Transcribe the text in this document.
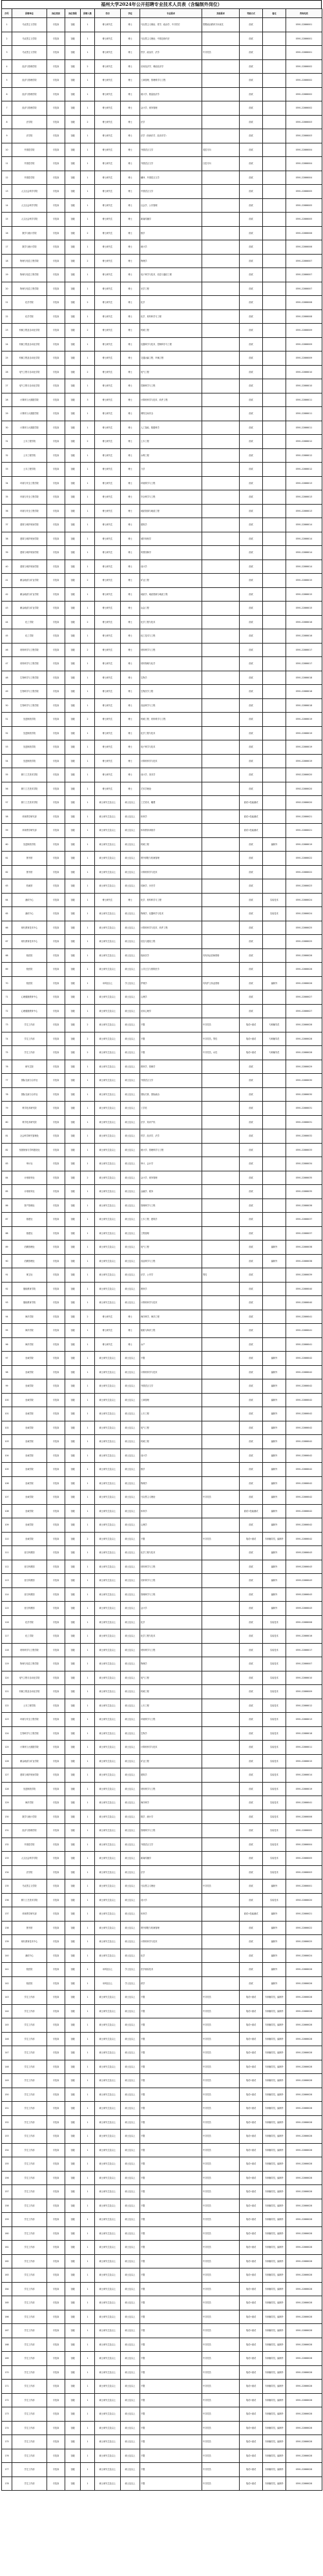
福州大学2024年公开招聘专业技术人员表（含编制外岗位）
序号	招聘单位	岗位类别	岗位等级	招聘人数	学历	学位	专业要求	其他要求	考核方式	备注	咨询电话
1	马克思主义学院	专技岗	初级	1	博士研究生	博士	马克思主义理论、哲学、政治学、中共党史	思想政治教育方向优先	面试		0591-22866001
2	马克思主义学院	专技岗	初级	1	博士研究生	博士	马克思主义理论、中国近现代史		面试		0591-22866001
3	马克思主义学院	专技岗	初级	1	博士研究生	博士	哲学、政治学、法学	中共党员	面试		0591-22866001
4	经济与管理学院	专技岗	初级	2	博士研究生	博士	应用经济学、理论经济学		面试		0591-22866002
5	经济与管理学院	专技岗	初级	1	博士研究生	博士	工商管理、管理科学与工程		面试		0591-22866002
6	经济与管理学院	专技岗	初级	1	博士研究生	博士	统计学、数量经济学		面试		0591-22866002
7	经济与管理学院	专技岗	初级	1	博士研究生	博士	会计学、财务管理		面试		0591-22866002
8	法学院	专技岗	初级	2	博士研究生	博士	法学		面试		0591-22866003
9	法学院	专技岗	初级	1	博士研究生	博士	法学（民商法学、经济法学）		面试		0591-22866003
10	外国语学院	专技岗	初级	1	博士研究生	博士	外国语言文学	英语方向	面试		0591-22866004
11	外国语学院	专技岗	初级	1	博士研究生	博士	外国语言文学	日语方向	面试		0591-22866004
12	外国语学院	专技岗	初级	1	博士研究生	博士	翻译、外国语言文学		面试		0591-22866004
13	人文社会科学学院	专技岗	初级	1	博士研究生	博士	中国语言文学		面试		0591-22866005
14	人文社会科学学院	专技岗	初级	1	博士研究生	博士	社会学、公共管理		面试		0591-22866005
15	人文社会科学学院	专技岗	初级	1	博士研究生	博士	新闻传播学		面试		0591-22866005
16	数学与统计学院	专技岗	初级	2	博士研究生	博士	数学		面试		0591-22866006
17	数学与统计学院	专技岗	初级	1	博士研究生	博士	统计学		面试		0591-22866006
18	物理与信息工程学院	专技岗	初级	2	博士研究生	博士	物理学		面试		0591-22866007
19	物理与信息工程学院	专技岗	初级	1	博士研究生	博士	电子科学与技术、信息与通信工程		面试		0591-22866007
20	物理与信息工程学院	专技岗	初级	1	博士研究生	博士	光学工程		面试		0591-22866007
21	化学学院	专技岗	初级	2	博士研究生	博士	化学		面试		0591-22866008
22	化学学院	专技岗	初级	1	博士研究生	博士	化学、材料科学与工程		面试		0591-22866008
23	机械工程及自动化学院	专技岗	初级	2	博士研究生	博士	机械工程		面试		0591-22866009
24	机械工程及自动化学院	专技岗	初级	1	博士研究生	博士	仪器科学与技术、控制科学与工程		面试		0591-22866009
25	机械工程及自动化学院	专技岗	初级	1	博士研究生	博士	交通运输工程、车辆工程		面试		0591-22866009
26	电气工程与自动化学院	专技岗	初级	2	博士研究生	博士	电气工程		面试		0591-22866010
27	电气工程与自动化学院	专技岗	初级	1	博士研究生	博士	控制科学与工程		面试		0591-22866010
28	计算机与大数据学院	专技岗	初级	3	博士研究生	博士	计算机科学与技术、软件工程		面试		0591-22866011
29	计算机与大数据学院	专技岗	初级	1	博士研究生	博士	网络空间安全		面试		0591-22866011
30	计算机与大数据学院	专技岗	初级	1	博士研究生	博士	人工智能、数据科学		面试		0591-22866011
31	土木工程学院	专技岗	初级	2	博士研究生	博士	土木工程		面试		0591-22866012
32	土木工程学院	专技岗	初级	1	博士研究生	博士	水利工程		面试		0591-22866012
33	土木工程学院	专技岗	初级	1	博士研究生	博士	力学		面试		0591-22866012
34	环境与安全工程学院	专技岗	初级	1	博士研究生	博士	环境科学与工程		面试		0591-22866013
35	环境与安全工程学院	专技岗	初级	1	博士研究生	博士	安全科学与工程		面试		0591-22866013
36	环境与安全工程学院	专技岗	初级	1	博士研究生	博士	地质资源与地质工程		面试		0591-22866013
37	建筑与城乡规划学院	专技岗	初级	1	博士研究生	博士	建筑学		面试		0591-22866014
38	建筑与城乡规划学院	专技岗	初级	1	博士研究生	博士	城乡规划学		面试		0591-22866014
39	建筑与城乡规划学院	专技岗	初级	1	博士研究生	博士	风景园林学		面试		0591-22866014
40	建筑与城乡规划学院	专技岗	初级	1	博士研究生	博士	设计学		面试		0591-22866014
41	紫金地质与矿业学院	专技岗	初级	2	博士研究生	博士	矿业工程		面试		0591-22866015
42	紫金地质与矿业学院	专技岗	初级	1	博士研究生	博士	地质学、地质资源与地质工程		面试		0591-22866015
43	紫金地质与矿业学院	专技岗	初级	1	博士研究生	博士	冶金工程		面试		0591-22866015
44	化工学院	专技岗	初级	2	博士研究生	博士	化学工程与技术		面试		0591-22866016
45	化工学院	专技岗	初级	1	博士研究生	博士	轻工技术与工程		面试		0591-22866016
46	材料科学与工程学院	专技岗	初级	2	博士研究生	博士	材料科学与工程		面试		0591-22866017
47	材料科学与工程学院	专技岗	初级	1	博士研究生	博士	材料物理与化学		面试		0591-22866017
48	生物科学与工程学院	专技岗	初级	1	博士研究生	博士	生物学		面试		0591-22866018
49	生物科学与工程学院	专技岗	初级	1	博士研究生	博士	生物医学工程		面试		0591-22866018
50	生物科学与工程学院	专技岗	初级	1	博士研究生	博士	食品科学与工程		面试		0591-22866018
51	先进制造学院	专技岗	初级	2	博士研究生	博士	机械工程、材料科学与工程		面试		0591-22866019
52	先进制造学院	专技岗	初级	1	博士研究生	博士	化学工程与技术		面试		0591-22866019
53	先进制造学院	专技岗	初级	1	博士研究生	博士	电子科学与技术		面试		0591-22866019
54	先进制造学院	专技岗	初级	1	博士研究生	博士	计算机科学与技术		面试		0591-22866019
55	厦门工艺美术学院	专技岗	初级	1	博士研究生	博士	设计学、美术学		面试		0592-22866020
56	厦门工艺美术学院	专技岗	初级	1	博士研究生	博士	艺术学理论		面试		0592-22866020
57	厦门工艺美术学院	专技岗	初级	1	硕士研究生及以上	硕士及以上	工艺美术、雕塑		面试+技能测试		0592-22866020
58	体育教学研究部	专技岗	初级	1	硕士研究生及以上	硕士及以上	体育学		面试+技能测试		0591-22866021
59	体育教学研究部	专技岗	初级	1	硕士研究生及以上	硕士及以上	体育教育训练学		面试+技能测试		0591-22866021
60	先进制造学院	专技岗	初级	1	硕士研究生及以上	硕士及以上	机械工程		面试	编制外	0591-22866019
61	图书馆	专技岗	初级	1	硕士研究生及以上	硕士及以上	图书情报与档案管理		面试		0591-22866022
62	图书馆	专技岗	初级	1	硕士研究生及以上	硕士及以上	计算机科学与技术		面试		0591-22866022
63	档案馆	专技岗	初级	1	硕士研究生及以上	硕士及以上	档案学、历史学		面试		0591-22866023
64	测试中心	专技岗	初级	1	博士研究生	博士	化学、材料科学与工程		面试	实验技术	0591-22866024
65	测试中心	专技岗	初级	1	硕士研究生及以上	硕士及以上	物理学、仪器科学与技术		面试	实验技术	0591-22866024
66	现代教育技术中心	专技岗	初级	1	硕士研究生及以上	硕士及以上	计算机科学与技术、软件工程		面试		0591-22866025
67	现代教育技术中心	专技岗	初级	1	硕士研究生及以上	硕士及以上	信息与通信工程		面试		0591-22866025
68	校医院	专技岗	初级	1	硕士研究生及以上	硕士及以上	临床医学	具有执业医师资格	面试		0591-22866026
69	校医院	专技岗	初级	1	硕士研究生及以上	硕士及以上	公共卫生与预防医学		面试		0591-22866026
70	校医院	专技岗	初级	1	本科及以上	学士及以上	护理学	具有护士执业资格	面试	编制外	0591-22866026
71	心理健康教育中心	专技岗	初级	1	硕士研究生及以上	硕士及以上	心理学		面试		0591-22866027
72	心理健康教育中心	专技岗	初级	1	硕士研究生及以上	硕士及以上	应用心理学		面试		0591-22866027
73	学生工作部	专技岗	初级	2	硕士研究生及以上	硕士及以上	不限	中共党员	笔试+面试	专职辅导员	0591-22866028
74	学生工作部	专技岗	初级	2	硕士研究生及以上	硕士及以上	不限	中共党员，男性	笔试+面试	专职辅导员	0591-22866028
75	学生工作部	专技岗	初级	2	硕士研究生及以上	硕士及以上	不限	中共党员，女性	笔试+面试	专职辅导员	0591-22866028
76	研究生院	专技岗	初级	1	硕士研究生及以上	硕士及以上	教育学、管理学		面试		0591-22866029
77	国际交流与合作处	专技岗	初级	1	硕士研究生及以上	硕士及以上	外国语言文学		面试		0591-22866030
78	国际交流与合作处	专技岗	初级	1	硕士研究生及以上	硕士及以上	国际关系、国际政治		面试		0591-22866030
79	科学技术研究院	专技岗	初级	1	硕士研究生及以上	硕士及以上	工学类		面试		0591-22866031
80	科学技术研究院	专技岗	初级	1	硕士研究生及以上	硕士及以上	法学、知识产权		面试		0591-22866031
81	社会科学研究管理处	专技岗	初级	1	硕士研究生及以上	硕士及以上	哲学、经济学、法学		面试		0591-22866032
82	发展规划与学科建设处	专技岗	初级	1	硕士研究生及以上	硕士及以上	统计学、管理科学与工程		面试		0591-22866033
83	审计处	专技岗	初级	1	硕士研究生及以上	硕士及以上	审计、会计学		面试		0591-22866034
84	计划财务处	专技岗	初级	2	硕士研究生及以上	硕士及以上	会计学、财务管理		面试		0591-22866035
85	计划财务处	专技岗	初级	1	硕士研究生及以上	硕士及以上	金融学、税务		面试		0591-22866035
86	资产管理处	专技岗	初级	1	硕士研究生及以上	硕士及以上	管理科学与工程		面试		0591-22866036
87	基建处	专技岗	初级	1	硕士研究生及以上	硕士及以上	土木工程、建筑学		面试		0591-22866037
88	基建处	专技岗	初级	1	硕士研究生及以上	硕士及以上	工程管理		面试		0591-22866037
89	后勤管理处	专技岗	初级	1	硕士研究生及以上	硕士及以上	电气工程		面试	编制外	0591-22866038
90	后勤管理处	专技岗	初级	1	硕士研究生及以上	硕士及以上	食品科学与工程		面试	编制外	0591-22866038
91	保卫处	专技岗	初级	1	硕士研究生及以上	硕士及以上	法学、公安学	男性	面试		0591-22866039
92	继续教育学院	专技岗	初级	1	硕士研究生及以上	硕士及以上	教育学		面试		0591-22866040
93	继续教育学院	专技岗	初级	1	硕士研究生及以上	硕士及以上	计算机科学与技术		面试		0591-22866040
94	海洋学院	专技岗	初级	2	博士研究生	博士	海洋科学、海洋工程		面试		0591-22866041
95	海洋学院	专技岗	初级	1	博士研究生	博士	船舶与海洋工程		面试		0591-22866041
96	海洋学院	专技岗	初级	1	博士研究生	博士	水产		面试		0591-22866041
97	至诚学院	专技岗	初级	1	硕士研究生及以上	硕士及以上	不限		面试	编制外	0591-22866042
98	至诚学院	专技岗	初级	1	硕士研究生及以上	硕士及以上	计算机科学与技术		面试	编制外	0591-22866042
99	至诚学院	专技岗	初级	1	硕士研究生及以上	硕士及以上	外国语言文学		面试	编制外	0591-22866042
100	至诚学院	专技岗	初级	1	硕士研究生及以上	硕士及以上	工商管理		面试	编制外	0591-22866042
101	至诚学院	专技岗	初级	1	硕士研究生及以上	硕士及以上	土木工程		面试	编制外	0591-22866042
102	至诚学院	专技岗	初级	1	硕士研究生及以上	硕士及以上	电气工程		面试	编制外	0591-22866042
103	至诚学院	专技岗	初级	1	硕士研究生及以上	硕士及以上	机械工程		面试	编制外	0591-22866042
104	至诚学院	专技岗	初级	1	硕士研究生及以上	硕士及以上	设计学		面试	编制外	0591-22866042
105	至诚学院	专技岗	初级	1	硕士研究生及以上	硕士及以上	数学		面试	编制外	0591-22866042
106	至诚学院	专技岗	初级	1	硕士研究生及以上	硕士及以上	物理学		面试	编制外	0591-22866042
107	至诚学院	专技岗	初级	1	硕士研究生及以上	硕士及以上	马克思主义理论	中共党员	面试	编制外	0591-22866042
108	至诚学院	专技岗	初级	1	硕士研究生及以上	硕士及以上	体育学		面试+技能测试	编制外	0591-22866042
109	至诚学院	专技岗	初级	1	硕士研究生及以上	硕士及以上	心理学		面试	编制外	0591-22866042
110	至诚学院	专技岗	初级	2	硕士研究生及以上	硕士及以上	不限	中共党员	笔试+面试	专职辅导员，编制外	0591-22866042
111	晋江科教园	专技岗	初级	1	硕士研究生及以上	硕士及以上	化学工程与技术		面试	编制外	0595-22866043
112	晋江科教园	专技岗	初级	1	硕士研究生及以上	硕士及以上	材料科学与工程		面试	编制外	0595-22866043
113	晋江科教园	专技岗	初级	1	硕士研究生及以上	硕士及以上	纺织科学与工程		面试	编制外	0595-22866043
114	晋江科教园	专技岗	初级	1	硕士研究生及以上	硕士及以上	管理科学与工程		面试	编制外	0595-22866043
115	晋江科教园	专技岗	初级	1	硕士研究生及以上	硕士及以上	会计学		面试	编制外	0595-22866043
116	化学学院	专技岗	初级	1	硕士研究生及以上	硕士及以上	化学		面试	实验技术	0591-22866008
117	化工学院	专技岗	初级	1	硕士研究生及以上	硕士及以上	化学工程与技术		面试	实验技术	0591-22866016
118	材料科学与工程学院	专技岗	初级	1	硕士研究生及以上	硕士及以上	材料科学与工程		面试	实验技术	0591-22866017
119	物理与信息工程学院	专技岗	初级	1	硕士研究生及以上	硕士及以上	物理学		面试	实验技术	0591-22866007
120	电气工程与自动化学院	专技岗	初级	1	硕士研究生及以上	硕士及以上	电气工程		面试	实验技术	0591-22866010
121	机械工程及自动化学院	专技岗	初级	1	硕士研究生及以上	硕士及以上	机械工程		面试	实验技术	0591-22866009
122	土木工程学院	专技岗	初级	1	硕士研究生及以上	硕士及以上	土木工程		面试	实验技术	0591-22866012
123	环境与安全工程学院	专技岗	初级	1	硕士研究生及以上	硕士及以上	环境科学与工程		面试	实验技术	0591-22866013
124	生物科学与工程学院	专技岗	初级	1	硕士研究生及以上	硕士及以上	生物学		面试	实验技术	0591-22866018
125	计算机与大数据学院	专技岗	初级	1	硕士研究生及以上	硕士及以上	计算机科学与技术		面试	实验技术	0591-22866011
126	紫金地质与矿业学院	专技岗	初级	1	硕士研究生及以上	硕士及以上	矿业工程		面试	实验技术	0591-22866015
127	建筑与城乡规划学院	专技岗	初级	1	硕士研究生及以上	硕士及以上	建筑学		面试	实验技术	0591-22866014
128	先进制造学院	专技岗	初级	1	硕士研究生及以上	硕士及以上	材料科学与工程		面试	实验技术	0591-22866019
129	海洋学院	专技岗	初级	1	硕士研究生及以上	硕士及以上	海洋科学		面试	实验技术	0591-22866041
130	数学与统计学院	专技岗	初级	1	硕士研究生及以上	硕士及以上	数学、统计学		面试	实验技术	0591-22866006
131	经济与管理学院	专技岗	初级	1	硕士研究生及以上	硕士及以上	管理科学与工程		面试	实验技术	0591-22866002
132	外国语学院	专技岗	初级	1	硕士研究生及以上	硕士及以上	外国语言文学		面试	实验技术	0591-22866004
133	人文社会科学学院	专技岗	初级	1	硕士研究生及以上	硕士及以上	新闻传播学		面试	实验技术	0591-22866005
134	法学院	专技岗	初级	1	硕士研究生及以上	硕士及以上	法学		面试	实验技术	0591-22866003
135	马克思主义学院	专技岗	初级	1	硕士研究生及以上	硕士及以上	马克思主义理论	中共党员	面试	编制外	0591-22866001
136	厦门工艺美术学院	专技岗	初级	1	硕士研究生及以上	硕士及以上	设计学		面试	实验技术	0592-22866020
137	体育教学研究部	专技岗	初级	1	硕士研究生及以上	硕士及以上	体育学		面试+技能测试	编制外	0591-22866021
138	图书馆	专技岗	初级	1	硕士研究生及以上	硕士及以上	图书情报与档案管理		面试	编制外	0591-22866022
139	现代教育技术中心	专技岗	初级	1	硕士研究生及以上	硕士及以上	计算机科学与技术		面试	编制外	0591-22866025
140	测试中心	专技岗	初级	1	硕士研究生及以上	硕士及以上	化学		面试	编制外	0591-22866024
141	校医院	专技岗	初级	1	本科及以上	学士及以上	医学检验技术		面试	编制外	0591-22866026
142	校医院	专技岗	初级	1	本科及以上	学士及以上	药学		面试	编制外	0591-22866026
143	学生工作部	专技岗	初级	1	硕士研究生及以上	硕士及以上	不限	中共党员	笔试+面试	专职辅导员，编制外	0591-22866028
144	学生工作部	专技岗	初级	1	硕士研究生及以上	硕士及以上	不限	中共党员	笔试+面试	专职辅导员，编制外	0591-22866028
145	学生工作部	专技岗	初级	1	硕士研究生及以上	硕士及以上	不限	中共党员	笔试+面试	专职辅导员，编制外	0591-22866028
146	学生工作部	专技岗	初级	1	硕士研究生及以上	硕士及以上	不限	中共党员	笔试+面试	专职辅导员，编制外	0591-22866028
147	学生工作部	专技岗	初级	1	硕士研究生及以上	硕士及以上	不限	中共党员	笔试+面试	专职辅导员，编制外	0591-22866028
148	学生工作部	专技岗	初级	1	硕士研究生及以上	硕士及以上	不限	中共党员	笔试+面试	专职辅导员，编制外	0591-22866028
149	学生工作部	专技岗	初级	1	硕士研究生及以上	硕士及以上	不限	中共党员	笔试+面试	专职辅导员，编制外	0591-22866028
150	学生工作部	专技岗	初级	1	硕士研究生及以上	硕士及以上	不限	中共党员	笔试+面试	专职辅导员，编制外	0591-22866028
151	学生工作部	专技岗	初级	1	硕士研究生及以上	硕士及以上	不限	中共党员	笔试+面试	专职辅导员，编制外	0591-22866028
152	学生工作部	专技岗	初级	1	硕士研究生及以上	硕士及以上	不限	中共党员	笔试+面试	专职辅导员，编制外	0591-22866028
153	学生工作部	专技岗	初级	1	硕士研究生及以上	硕士及以上	不限	中共党员	笔试+面试	专职辅导员，编制外	0591-22866028
154	学生工作部	专技岗	初级	1	硕士研究生及以上	硕士及以上	不限	中共党员	笔试+面试	专职辅导员，编制外	0591-22866028
155	学生工作部	专技岗	初级	1	硕士研究生及以上	硕士及以上	不限	中共党员	笔试+面试	专职辅导员，编制外	0591-22866028
156	学生工作部	专技岗	初级	1	硕士研究生及以上	硕士及以上	不限	中共党员	笔试+面试	专职辅导员，编制外	0591-22866028
157	学生工作部	专技岗	初级	1	硕士研究生及以上	硕士及以上	不限	中共党员	笔试+面试	专职辅导员，编制外	0591-22866028
158	学生工作部	专技岗	初级	1	硕士研究生及以上	硕士及以上	不限	中共党员	笔试+面试	专职辅导员，编制外	0591-22866028
159	学生工作部	专技岗	初级	1	硕士研究生及以上	硕士及以上	不限	中共党员	笔试+面试	专职辅导员，编制外	0591-22866028
160	学生工作部	专技岗	初级	1	硕士研究生及以上	硕士及以上	不限	中共党员	笔试+面试	专职辅导员，编制外	0591-22866028
161	学生工作部	专技岗	初级	1	硕士研究生及以上	硕士及以上	不限	中共党员	笔试+面试	专职辅导员，编制外	0591-22866028
162	学生工作部	专技岗	初级	1	硕士研究生及以上	硕士及以上	不限	中共党员	笔试+面试	专职辅导员，编制外	0591-22866028
163	学生工作部	专技岗	初级	1	硕士研究生及以上	硕士及以上	不限	中共党员	笔试+面试	专职辅导员，编制外	0591-22866028
164	学生工作部	专技岗	初级	1	硕士研究生及以上	硕士及以上	不限	中共党员	笔试+面试	专职辅导员，编制外	0591-22866028
165	学生工作部	专技岗	初级	1	硕士研究生及以上	硕士及以上	不限	中共党员	笔试+面试	专职辅导员，编制外	0591-22866028
166	学生工作部	专技岗	初级	1	硕士研究生及以上	硕士及以上	不限	中共党员	笔试+面试	专职辅导员，编制外	0591-22866028
167	学生工作部	专技岗	初级	1	硕士研究生及以上	硕士及以上	不限	中共党员	笔试+面试	专职辅导员，编制外	0591-22866028
168	学生工作部	专技岗	初级	1	硕士研究生及以上	硕士及以上	不限	中共党员	笔试+面试	专职辅导员，编制外	0591-22866028
169	学生工作部	专技岗	初级	1	硕士研究生及以上	硕士及以上	不限	中共党员	笔试+面试	专职辅导员，编制外	0591-22866028
170	学生工作部	专技岗	初级	1	硕士研究生及以上	硕士及以上	不限	中共党员	笔试+面试	专职辅导员，编制外	0591-22866028
171	学生工作部	专技岗	初级	1	硕士研究生及以上	硕士及以上	不限	中共党员	笔试+面试	专职辅导员，编制外	0591-22866028
172	学生工作部	专技岗	初级	1	硕士研究生及以上	硕士及以上	不限	中共党员	笔试+面试	专职辅导员，编制外	0591-22866028
173	学生工作部	专技岗	初级	1	硕士研究生及以上	硕士及以上	不限	中共党员	笔试+面试	专职辅导员，编制外	0591-22866028
174	学生工作部	专技岗	初级	1	硕士研究生及以上	硕士及以上	不限	中共党员	笔试+面试	专职辅导员，编制外	0591-22866028
175	学生工作部	专技岗	初级	1	硕士研究生及以上	硕士及以上	不限	中共党员	笔试+面试	专职辅导员，编制外	0591-22866028
176	学生工作部	专技岗	初级	1	硕士研究生及以上	硕士及以上	不限	中共党员	笔试+面试	专职辅导员，编制外	0591-22866028
177	学生工作部	专技岗	初级	1	硕士研究生及以上	硕士及以上	不限	中共党员	笔试+面试	专职辅导员，编制外	0591-22866028
178	学生工作部	专技岗	初级	1	硕士研究生及以上	硕士及以上	不限	中共党员	笔试+面试	专职辅导员，编制外	0591-22866028
